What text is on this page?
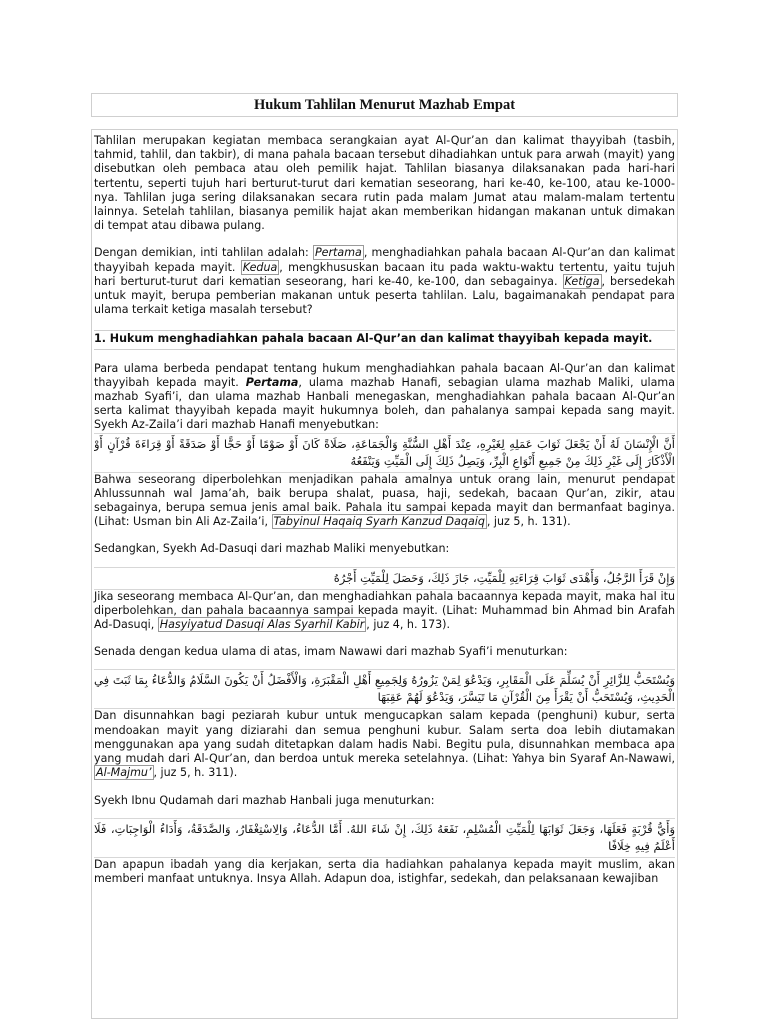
Hukum Tahlilan Menurut Mazhab Empat

Tahlilan merupakan kegiatan membaca serangkaian ayat Al-Qur’an dan kalimat thayyibah (tasbih, tahmid, tahlil, dan takbir), di mana pahala bacaan tersebut dihadiahkan untuk para arwah (mayit) yang disebutkan oleh pembaca atau oleh pemilik hajat. Tahlilan biasanya dilaksanakan pada hari-hari tertentu, seperti tujuh hari berturut-turut dari kematian seseorang, hari ke-40, ke-100, atau ke-1000-nya. Tahlilan juga sering dilaksanakan secara rutin pada malam Jumat atau malam-malam tertentu lainnya. Setelah tahlilan, biasanya pemilik hajat akan memberikan hidangan makanan untuk dimakan di tempat atau dibawa pulang.

Dengan demikian, inti tahlilan adalah: Pertama , menghadiahkan pahala bacaan Al-Qur’an dan kalimat thayyibah kepada mayit. Kedua , mengkhususkan bacaan itu pada waktu-waktu tertentu, yaitu tujuh hari berturut-turut dari kematian seseorang, hari ke-40, ke-100, dan sebagainya. Ketiga , bersedekah untuk mayit, berupa pemberian makanan untuk peserta tahlilan. Lalu, bagaimanakah pendapat para ulama terkait ketiga masalah tersebut?

1. Hukum menghadiahkan pahala bacaan Al-Qur’an dan kalimat thayyibah kepada mayit.

Para ulama berbeda pendapat tentang hukum menghadiahkan pahala bacaan Al-Qur’an dan kalimat thayyibah kepada mayit. Pertama, ulama mazhab Hanafi, sebagian ulama mazhab Maliki, ulama mazhab Syafi’i, dan ulama mazhab Hanbali menegaskan, menghadiahkan pahala bacaan Al-Qur’an serta kalimat thayyibah kepada mayit hukumnya boleh, dan pahalanya sampai kepada sang mayit. Syekh Az-Zaila’i dari mazhab Hanafi menyebutkan:

أَنَّ الْإِنْسَانَ لَهُ أَنْ يَجْعَلَ ثَوَابَ عَمَلِهِ لِغَيْرِهِ، عِنْدَ أَهْلِ السُّنَّةِ وَالْجَمَاعَةِ، صَلَاةً كَانَ أَوْ صَوْمًا أَوْ حَجًّا أَوْ صَدَقَةً أَوْ قِرَاءَةَ قُرْآنٍ أَوْ الْأَذْكَارَ إِلَى غَيْرِ ذَلِكَ مِنْ جَمِيعِ أَنْوَاعِ الْبِرِّ، وَيَصِلُ ذَلِكَ إِلَى الْمَيِّتِ وَيَنْفَعُهُ

Bahwa seseorang diperbolehkan menjadikan pahala amalnya untuk orang lain, menurut pendapat Ahlussunnah wal Jama’ah, baik berupa shalat, puasa, haji, sedekah, bacaan Qur’an, zikir, atau sebagainya, berupa semua jenis amal baik. Pahala itu sampai kepada mayit dan bermanfaat baginya. (Lihat: Usman bin Ali Az-Zaila’i, Tabyinul Haqaiq Syarh Kanzud Daqaiq , juz 5, h. 131).

Sedangkan, Syekh Ad-Dasuqi dari mazhab Maliki menyebutkan:

وَإِنْ قَرَأَ الرَّجُلُ، وَأَهْدَى ثَوَابَ قِرَاءَتِهِ لِلْمَيِّتِ، جَازَ ذَلِكَ، وَحَصَلَ لِلْمَيِّتِ أَجْرُهُ

Jika seseorang membaca Al-Qur’an, dan menghadiahkan pahala bacaannya kepada mayit, maka hal itu diperbolehkan, dan pahala bacaannya sampai kepada mayit. (Lihat: Muhammad bin Ahmad bin Arafah Ad-Dasuqi, Hasyiyatud Dasuqi Alas Syarhil Kabir , juz 4, h. 173).

Senada dengan kedua ulama di atas, imam Nawawi dari mazhab Syafi’i menuturkan:

وَيُسْتَحَبُّ لِلزَّائِرِ أَنْ يُسَلِّمَ عَلَى الْمَقَابِرِ، وَيَدْعُوَ لِمَنْ يَزُورُهُ وَلِجَمِيعِ أَهْلِ الْمَقْبَرَةِ، وَالْأَفْضَلُ أَنْ يَكُونَ السَّلَامُ وَالدُّعَاءُ بِمَا ثَبَتَ فِي الْحَدِيثِ، وَيُسْتَحَبُّ أَنْ يَقْرَأَ مِنَ الْقُرْآنِ مَا تَيَسَّرَ، وَيَدْعُوَ لَهُمْ عَقِبَهَا

Dan disunnahkan bagi peziarah kubur untuk mengucapkan salam kepada (penghuni) kubur, serta mendoakan mayit yang diziarahi dan semua penghuni kubur. Salam serta doa lebih diutamakan menggunakan apa yang sudah ditetapkan dalam hadis Nabi. Begitu pula, disunnahkan membaca apa yang mudah dari Al-Qur’an, dan berdoa untuk mereka setelahnya. (Lihat: Yahya bin Syaraf An-Nawawi, Al-Majmu’ , juz 5, h. 311).

Syekh Ibnu Qudamah dari mazhab Hanbali juga menuturkan:

وَأَيُّ قُرْبَةٍ فَعَلَهَا، وَجَعَلَ ثَوَابَهَا لِلْمَيِّتِ الْمُسْلِمِ، نَفَعَهُ ذَلِكَ، إِنْ شَاءَ اللهُ. أَمَّا الدُّعَاءُ، وَالِاسْتِغْفَارُ، وَالصَّدَقَةُ، وَأَدَاءُ الْوَاجِبَاتِ، فَلَا أَعْلَمُ فِيهِ خِلَافًا

Dan apapun ibadah yang dia kerjakan, serta dia hadiahkan pahalanya kepada mayit muslim, akan memberi manfaat untuknya. Insya Allah. Adapun doa, istighfar, sedekah, dan pelaksanaan kewajiban
